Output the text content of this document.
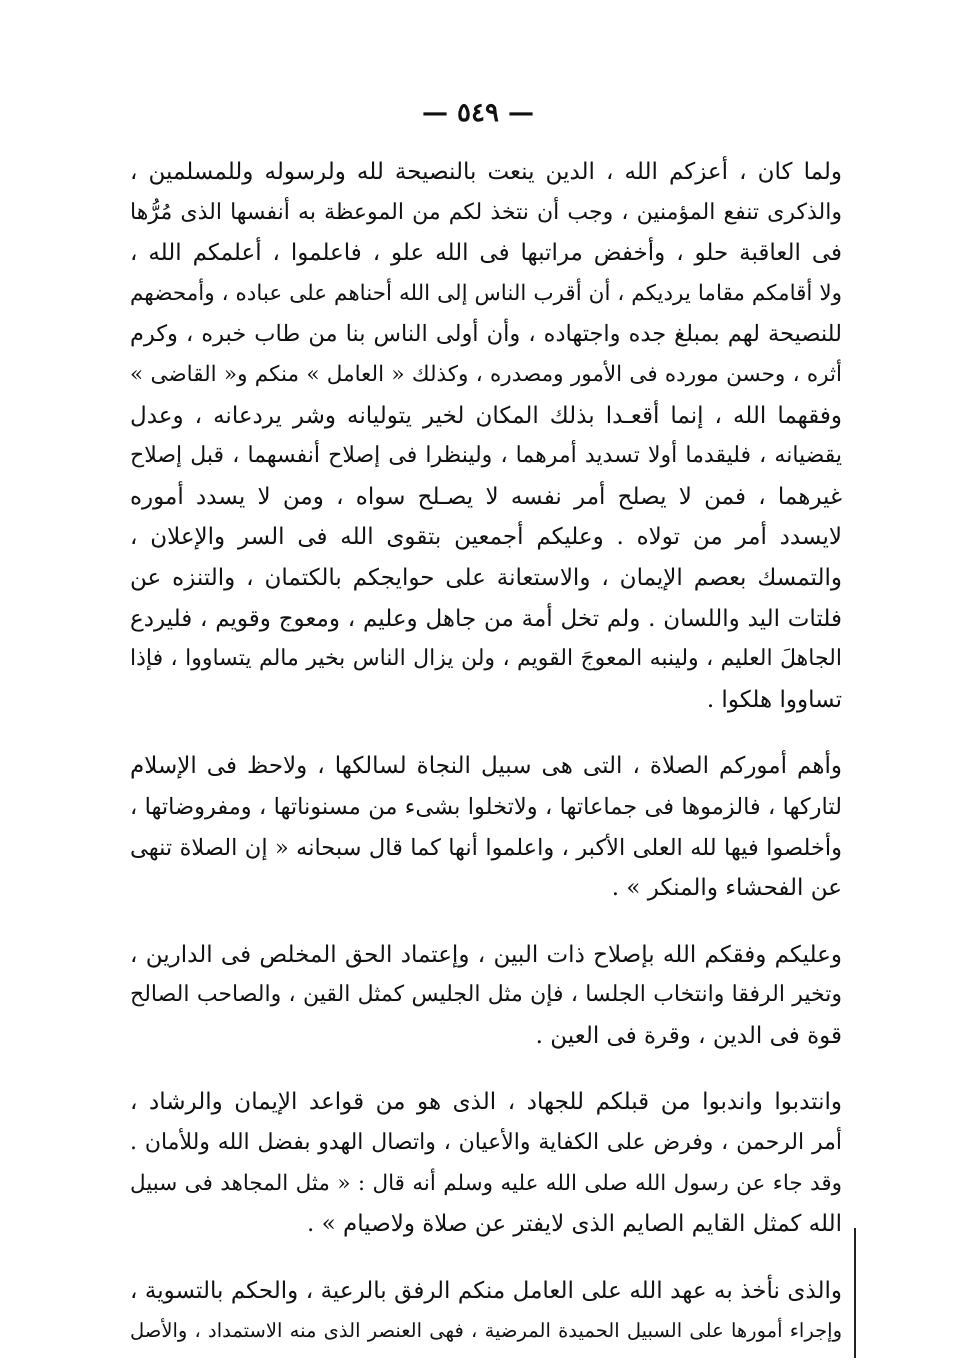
— ٥٤٩ —
ولما كان ، أعزكم الله ، الدين ينعت بالنصيحة لله ولرسوله وللمسلمين ،
والذكرى تنفع المؤمنين ، وجب أن نتخذ لكم من الموعظة به أنفسها الذى مُرُّها
فى العاقبة حلو ، وأخفض مراتبها فى الله علو ، فاعلموا ، أعلمكم الله ،
ولا أقامكم مقاما يرديكم ، أن أقرب الناس إلى الله أحناهم على عباده ، وأمحضهم
للنصيحة لهم بمبلغ جده واجتهاده ، وأن أولى الناس بنا من طاب خبره ، وكرم
أثره ، وحسن مورده فى الأمور ومصدره ، وكذلك « العامل » منكم و« القاضى »
وفقهما الله ، إنما أقعـدا بذلك المكان لخير يتوليانه وشر يردعانه ، وعدل
يقضيانه ، فليقدما أولا تسديد أمرهما ، ولينظرا فى إصلاح أنفسهما ، قبل إصلاح
غيرهما ، فمن لا يصلح أمر نفسه لا يصـلح سواه ، ومن لا يسدد أموره
لايسدد أمر من تولاه . وعليكم أجمعين بتقوى الله فى السر والإعلان ،
والتمسك بعصم الإيمان ، والاستعانة على حوايجكم بالكتمان ، والتنزه عن
فلتات اليد واللسان . ولم تخل أمة من جاهل وعليم ، ومعوج وقويم ، فليردع
الجاهلَ العليم ، ولينبه المعوجَ القويم ، ولن يزال الناس بخير مالم يتساووا ، فإذا
تساووا هلكوا .
وأهم أموركم الصلاة ، التى هى سبيل النجاة لسالكها ، ولاحظ فى الإسلام
لتاركها ، فالزموها فى جماعاتها ، ولاتخلوا بشىء من مسنوناتها ، ومفروضاتها ،
وأخلصوا فيها لله العلى الأكبر ، واعلموا أنها كما قال سبحانه « إن الصلاة تنهى
عن الفحشاء والمنكر » .
وعليكم وفقكم الله بإصلاح ذات البين ، وإعتماد الحق المخلص فى الدارين ،
وتخير الرفقا وانتخاب الجلسا ، فإن مثل الجليس كمثل القين ، والصاحب الصالح
قوة فى الدين ، وقرة فى العين .
وانتدبوا واندبوا من قبلكم للجهاد ، الذى هو من قواعد الإيمان والرشاد ،
أمر الرحمن ، وفرض على الكفاية والأعيان ، واتصال الهدو بفضل الله وللأمان .
وقد جاء عن رسول الله صلى الله عليه وسلم أنه قال : « مثل المجاهد فى سبيل
الله كمثل القايم الصايم الذى لايفتر عن صلاة ولاصيام » .
والذى نأخذ به عهد الله على العامل منكم الرفق بالرعية ، والحكم بالتسوية ،
وإجراء أمورها على السبيل الحميدة المرضية ، فهى العنصر الذى منه الاستمداد ، والأصل
